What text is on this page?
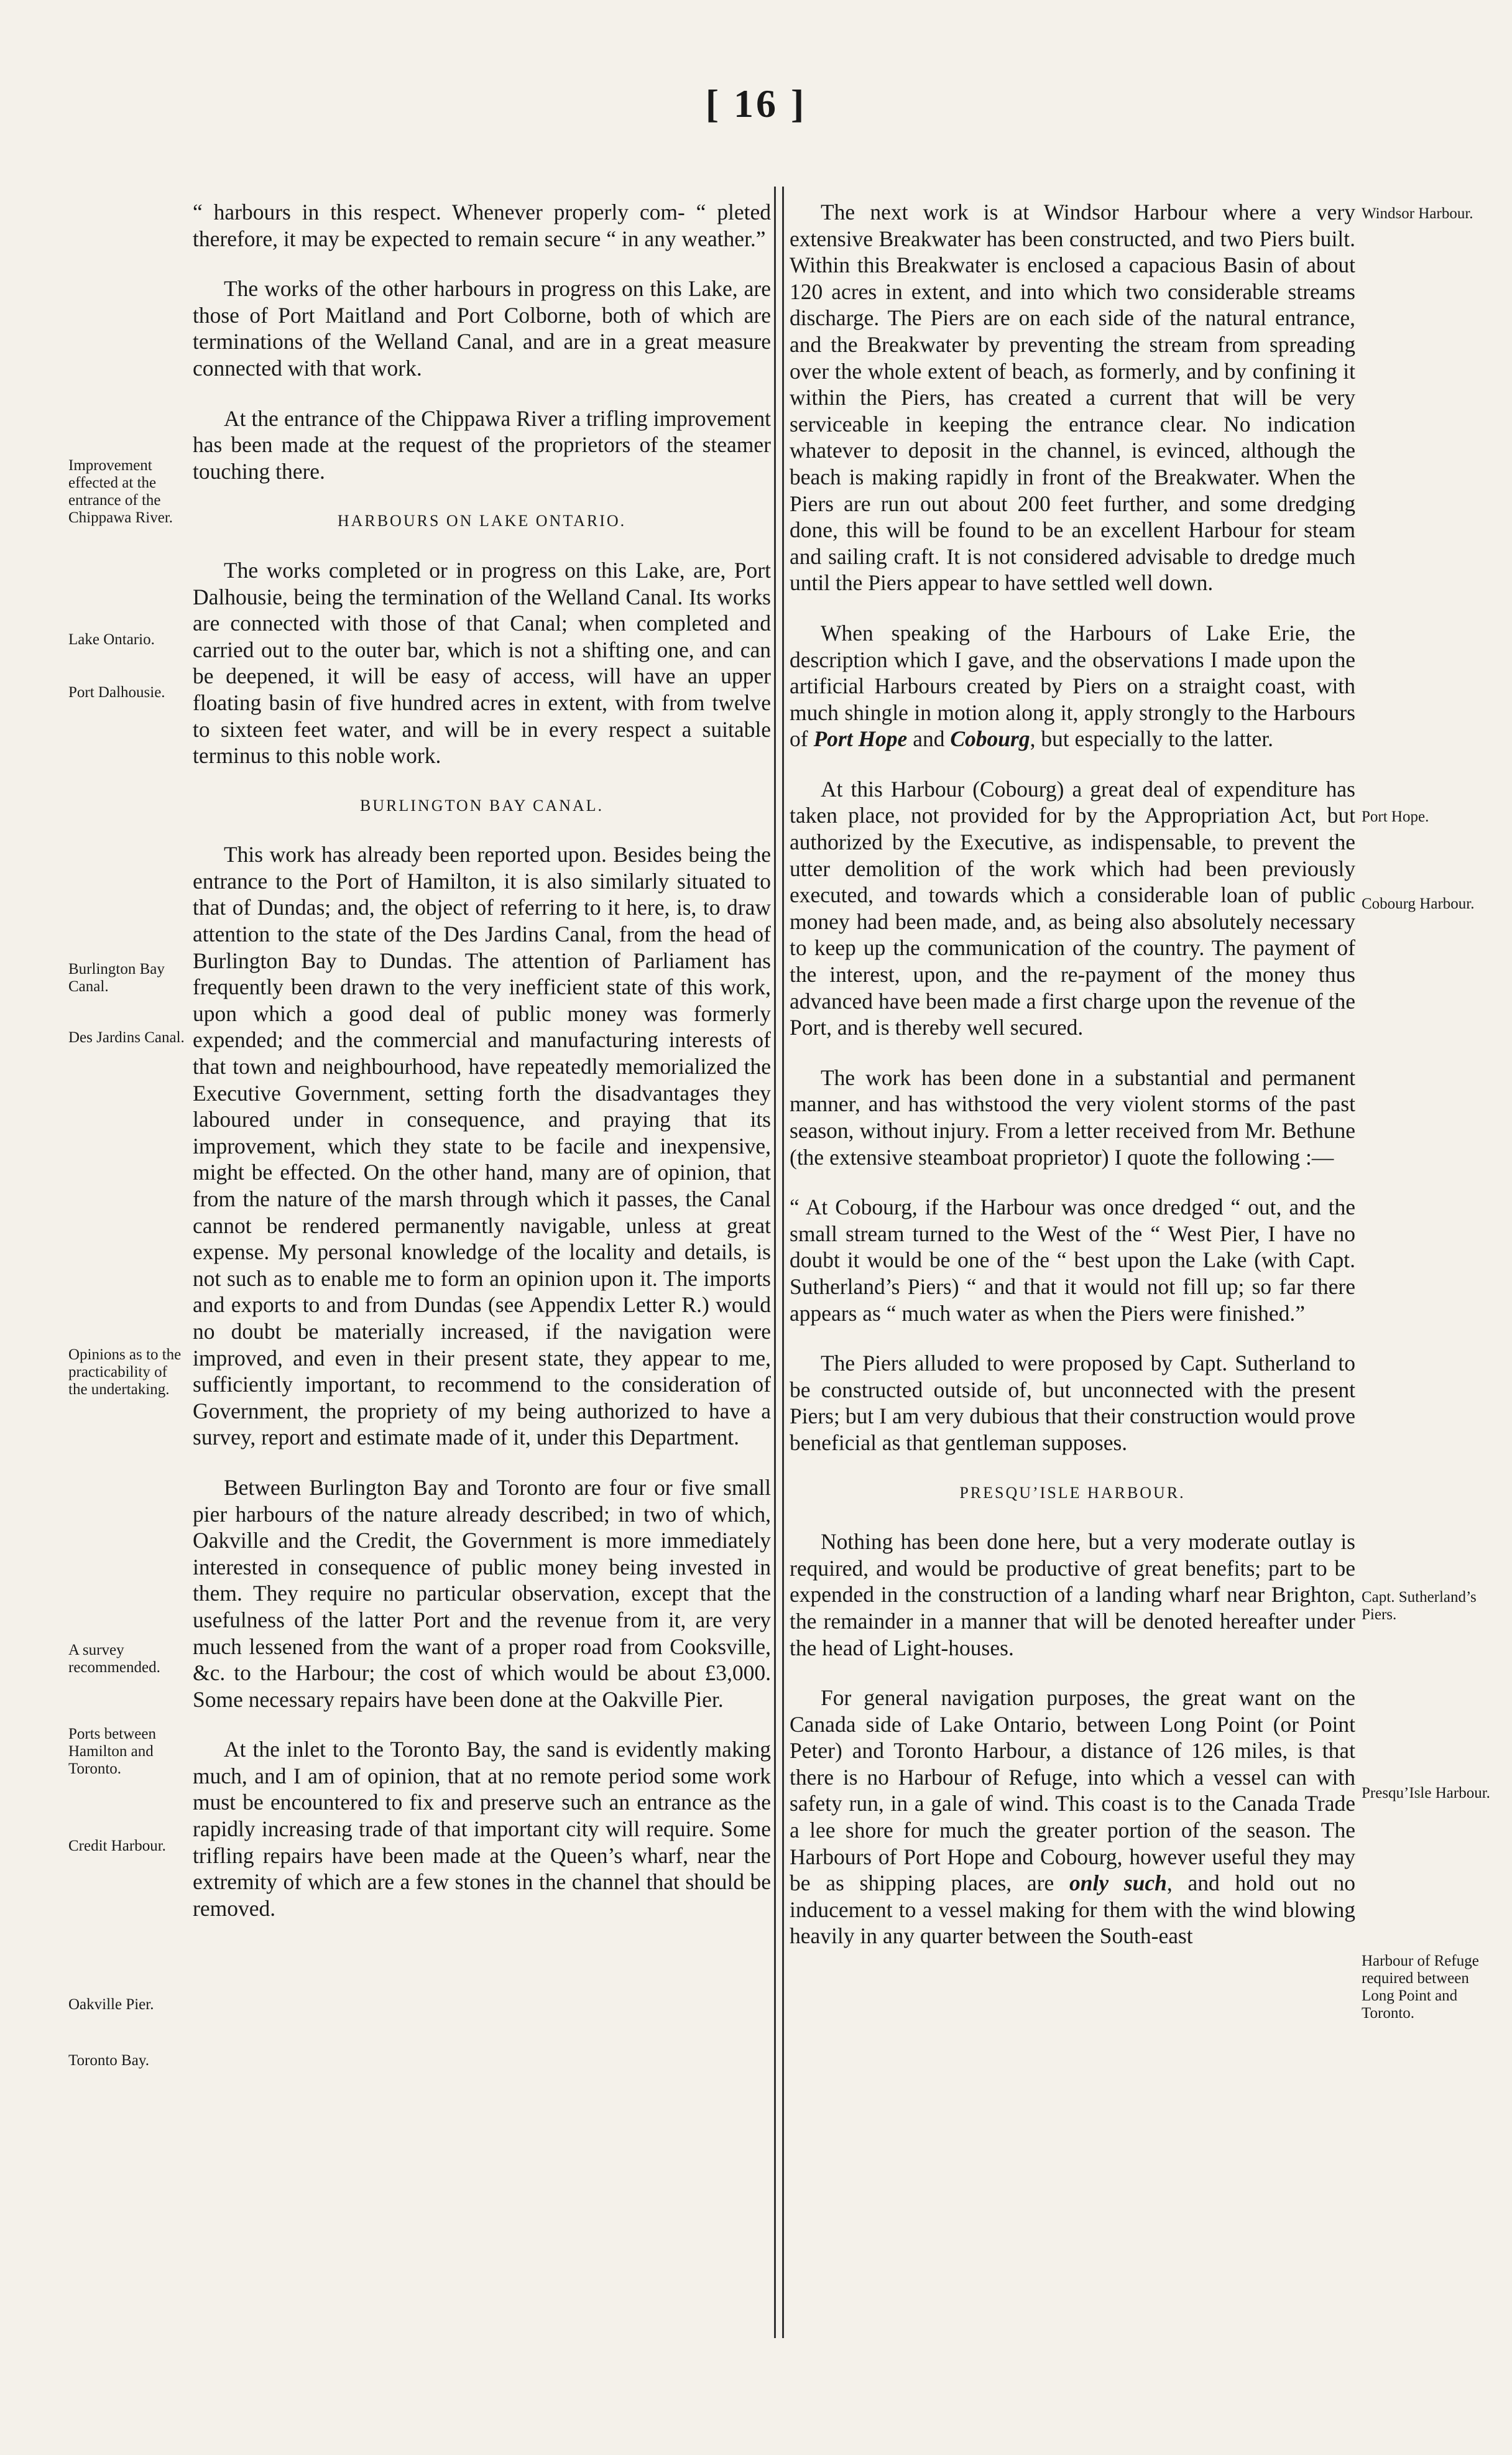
[ 16 ]

“ harbours in this respect. Whenever properly com- “ pleted therefore, it may be expected to remain secure “ in any weather.”

The works of the other harbours in progress on this Lake, are those of Port Maitland and Port Colborne, both of which are terminations of the Welland Canal, and are in a great measure connected with that work.

At the entrance of the Chippawa River a trifling improvement has been made at the request of the proprietors of the steamer touching there.

HARBOURS ON LAKE ONTARIO.

The works completed or in progress on this Lake, are, Port Dalhousie, being the termination of the Welland Canal. Its works are connected with those of that Canal; when completed and carried out to the outer bar, which is not a shifting one, and can be deepened, it will be easy of access, will have an upper floating basin of five hundred acres in extent, with from twelve to sixteen feet water, and will be in every respect a suitable terminus to this noble work.

BURLINGTON BAY CANAL.

This work has already been reported upon. Besides being the entrance to the Port of Hamilton, it is also similarly situated to that of Dundas; and, the object of referring to it here, is, to draw attention to the state of the Des Jardins Canal, from the head of Burlington Bay to Dundas. The attention of Parliament has frequently been drawn to the very inefficient state of this work, upon which a good deal of public money was formerly expended; and the commercial and manufacturing interests of that town and neighbourhood, have repeatedly memorialized the Executive Government, setting forth the disadvantages they laboured under in consequence, and praying that its improvement, which they state to be facile and inexpensive, might be effected. On the other hand, many are of opinion, that from the nature of the marsh through which it passes, the Canal cannot be rendered permanently navigable, unless at great expense. My personal knowledge of the locality and details, is not such as to enable me to form an opinion upon it. The imports and exports to and from Dundas (see Appendix Letter R.) would no doubt be materially increased, if the navigation were improved, and even in their present state, they appear to me, sufficiently important, to recommend to the consideration of Government, the propriety of my being authorized to have a survey, report and estimate made of it, under this Department.

Between Burlington Bay and Toronto are four or five small pier harbours of the nature already described; in two of which, Oakville and the Credit, the Government is more immediately interested in consequence of public money being invested in them. They require no particular observation, except that the usefulness of the latter Port and the revenue from it, are very much lessened from the want of a proper road from Cooksville, &c. to the Harbour; the cost of which would be about £3,000. Some necessary repairs have been done at the Oakville Pier.

At the inlet to the Toronto Bay, the sand is evidently making much, and I am of opinion, that at no remote period some work must be encountered to fix and preserve such an entrance as the rapidly increasing trade of that important city will require. Some trifling repairs have been made at the Queen’s wharf, near the extremity of which are a few stones in the channel that should be removed.

The next work is at Windsor Harbour where a very extensive Breakwater has been constructed, and two Piers built. Within this Breakwater is enclosed a capacious Basin of about 120 acres in extent, and into which two considerable streams discharge. The Piers are on each side of the natural entrance, and the Breakwater by preventing the stream from spreading over the whole extent of beach, as formerly, and by confining it within the Piers, has created a current that will be very serviceable in keeping the entrance clear. No indication whatever to deposit in the channel, is evinced, although the beach is making rapidly in front of the Breakwater. When the Piers are run out about 200 feet further, and some dredging done, this will be found to be an excellent Harbour for steam and sailing craft. It is not considered advisable to dredge much until the Piers appear to have settled well down.

When speaking of the Harbours of Lake Erie, the description which I gave, and the observations I made upon the artificial Harbours created by Piers on a straight coast, with much shingle in motion along it, apply strongly to the Harbours of Port Hope and Cobourg, but especially to the latter.

At this Harbour (Cobourg) a great deal of expenditure has taken place, not provided for by the Appropriation Act, but authorized by the Executive, as indispensable, to prevent the utter demolition of the work which had been previously executed, and towards which a considerable loan of public money had been made, and, as being also absolutely necessary to keep up the communication of the country. The payment of the interest, upon, and the re-payment of the money thus advanced have been made a first charge upon the revenue of the Port, and is thereby well secured.

The work has been done in a substantial and permanent manner, and has withstood the very violent storms of the past season, without injury. From a letter received from Mr. Bethune (the extensive steamboat proprietor) I quote the following :—

“ At Cobourg, if the Harbour was once dredged “ out, and the small stream turned to the West of the “ West Pier, I have no doubt it would be one of the “ best upon the Lake (with Capt. Sutherland’s Piers) “ and that it would not fill up; so far there appears as “ much water as when the Piers were finished.”

The Piers alluded to were proposed by Capt. Sutherland to be constructed outside of, but unconnected with the present Piers; but I am very dubious that their construction would prove beneficial as that gentleman supposes.

PRESQU’ISLE HARBOUR.

Nothing has been done here, but a very moderate outlay is required, and would be productive of great benefits; part to be expended in the construction of a landing wharf near Brighton, the remainder in a manner that will be denoted hereafter under the head of Light-houses.

For general navigation purposes, the great want on the Canada side of Lake Ontario, between Long Point (or Point Peter) and Toronto Harbour, a distance of 126 miles, is that there is no Harbour of Refuge, into which a vessel can with safety run, in a gale of wind. This coast is to the Canada Trade a lee shore for much the greater portion of the season. The Harbours of Port Hope and Cobourg, however useful they may be as shipping places, are only such, and hold out no inducement to a vessel making for them with the wind blowing heavily in any quarter between the South-east

Improvement effected at the entrance of the Chippawa River.
Lake Ontario.
Port Dalhousie.
Burlington Bay Canal.
Des Jardins Canal.
Opinions as to the practicability of the undertaking.
A survey recommended.
Ports between Hamilton and Toronto.
Credit Harbour.
Oakville Pier.
Toronto Bay.
Windsor Harbour.
Port Hope.
Cobourg Harbour.
Capt. Sutherland’s Piers.
Presqu’Isle Harbour.
Harbour of Refuge required between Long Point and Toronto.
